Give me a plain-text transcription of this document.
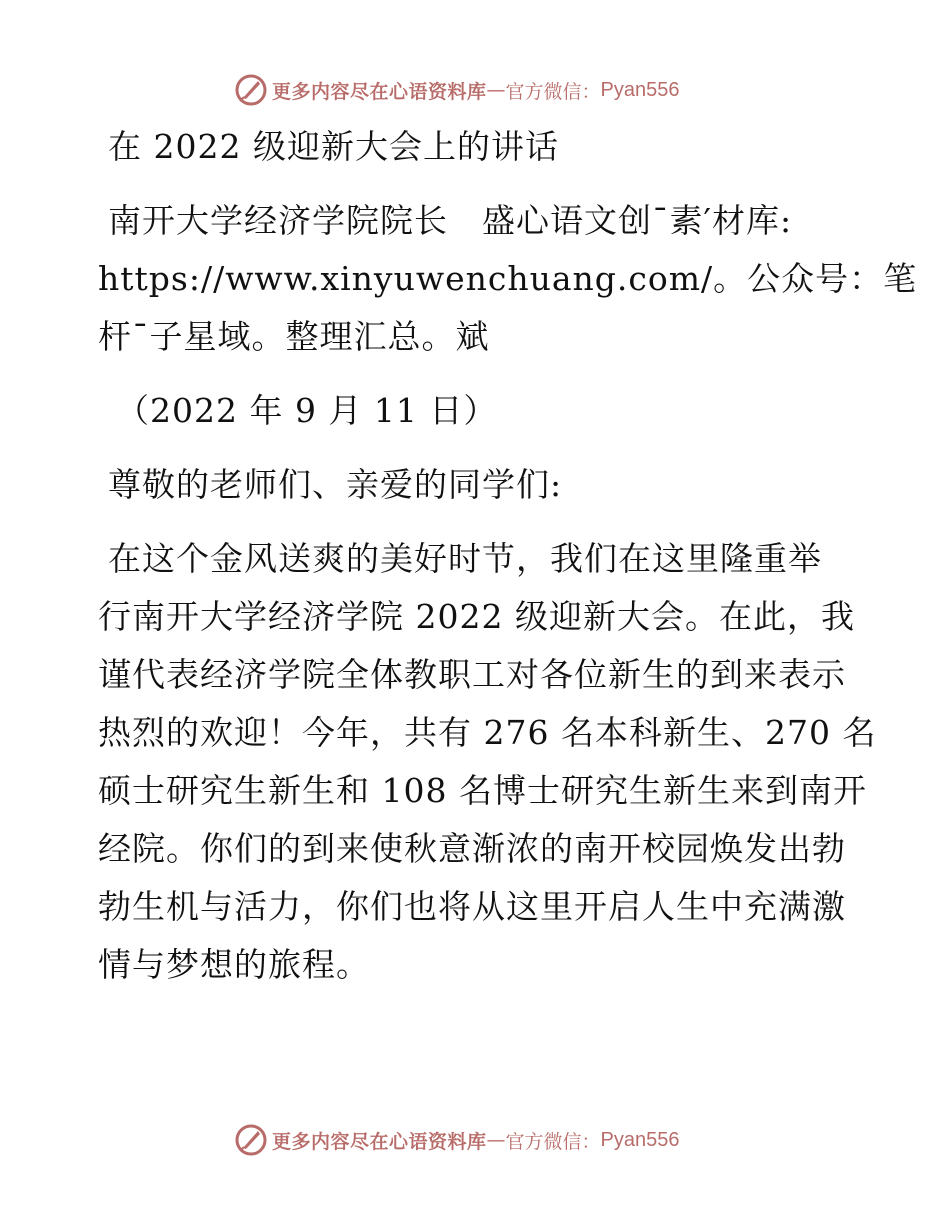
更多内容尽在心语资料库 — 官方微信： Pyan556
在 2022 级迎新大会上的讲话
南开大学经济学院院长　盛心语文创¯素′材库:
https://www.xinyuwenchuang.com/。公众号：笔
杆¯子星域。整理汇总。斌
（2022 年 9 月 11 日）
尊敬的老师们、亲爱的同学们:
在这个金风送爽的美好时节，我们在这里隆重举
行南开大学经济学院 2022 级迎新大会。在此，我
谨代表经济学院全体教职工对各位新生的到来表示
热烈的欢迎！今年，共有 276 名本科新生、270 名
硕士研究生新生和 108 名博士研究生新生来到南开
经院。你们的到来使秋意渐浓的南开校园焕发出勃
勃生机与活力，你们也将从这里开启人生中充满激
情与梦想的旅程。
更多内容尽在心语资料库 — 官方微信： Pyan556
